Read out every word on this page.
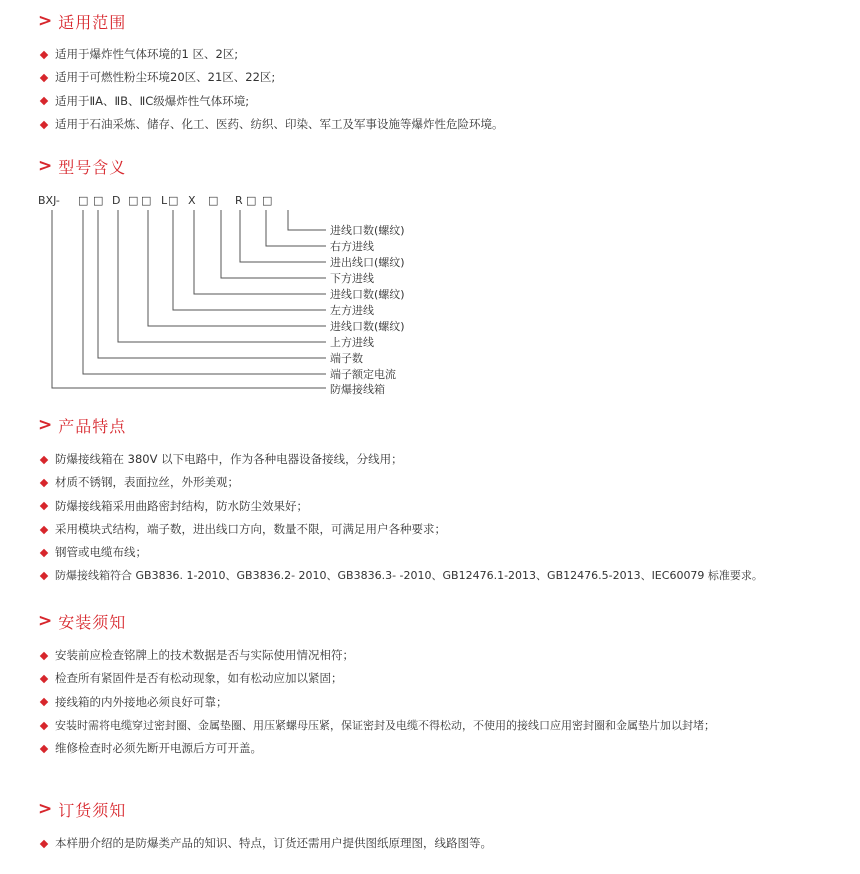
> 适用范围
适用于爆炸性气体环境的1 区、2区;
适用于可燃性粉尘环境20区、21区、22区;
适用于ⅡA、ⅡB、ⅡC级爆炸性气体环境;
适用于石油采炼、储存、化工、医药、纺织、印染、军工及军事设施等爆炸性危险环境。
> 型号含义
BXJ- □ □ D □ □ L □ X □ R □ □
进线口数(螺纹)
右方进线
进出线口(螺纹)
下方进线
进线口数(螺纹)
左方进线
进线口数(螺纹)
上方进线
端子数
端子额定电流
防爆接线箱
> 产品特点
防爆接线箱在 380V 以下电路中，作为各种电器设备接线，分线用；
材质不锈钢，表面拉丝，外形美观；
防爆接线箱采用曲路密封结构，防水防尘效果好；
采用模块式结构，端子数，进出线口方向，数量不限，可满足用户各种要求；
钢管或电缆布线；
防爆接线箱符合 GB3836. 1-2010、GB3836.2- 2010、GB3836.3- -2010、GB12476.1-2013、GB12476.5-2013、IEC60079 标准要求。
> 安装须知
安装前应检查铭牌上的技术数据是否与实际使用情况相符；
检查所有紧固件是否有松动现象，如有松动应加以紧固；
接线箱的内外接地必须良好可靠；
安装时需将电缆穿过密封圈、金属垫圈、用压紧螺母压紧，保证密封及电缆不得松动，不使用的接线口应用密封圈和金属垫片加以封堵；
维修检查时必须先断开电源后方可开盖。
> 订货须知
本样册介绍的是防爆类产品的知识、特点，订货还需用户提供图纸原理图，线路图等。
